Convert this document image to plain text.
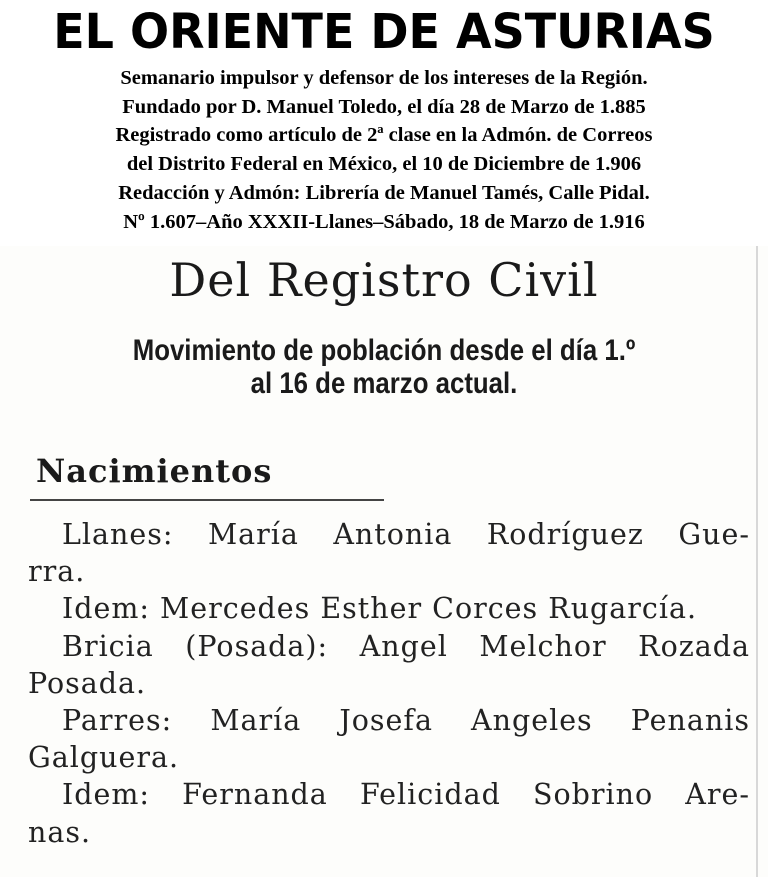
EL ORIENTE DE ASTURIAS
Semanario impulsor y defensor de los intereses de la Región.
Fundado por D. Manuel Toledo, el día 28 de Marzo de 1.885
Registrado como artículo de 2ª clase en la Admón. de Correos
del Distrito Federal en México, el 10 de Diciembre de 1.906
Redacción y Admón: Librería de Manuel Tamés, Calle Pidal.
Nº 1.607–Año XXXII-Llanes–Sábado, 18 de Marzo de 1.916
Del Registro Civil
Movimiento de población desde el día 1.º
al 16 de marzo actual.
Nacimientos
Llanes: María Antonia Rodríguez Gue-
rra.
Idem: Mercedes Esther Corces Rugarcía.
Bricia (Posada): Angel Melchor Rozada
Posada.
Parres: María Josefa Angeles Penanis
Galguera.
Idem: Fernanda Felicidad Sobrino Are-
nas.
